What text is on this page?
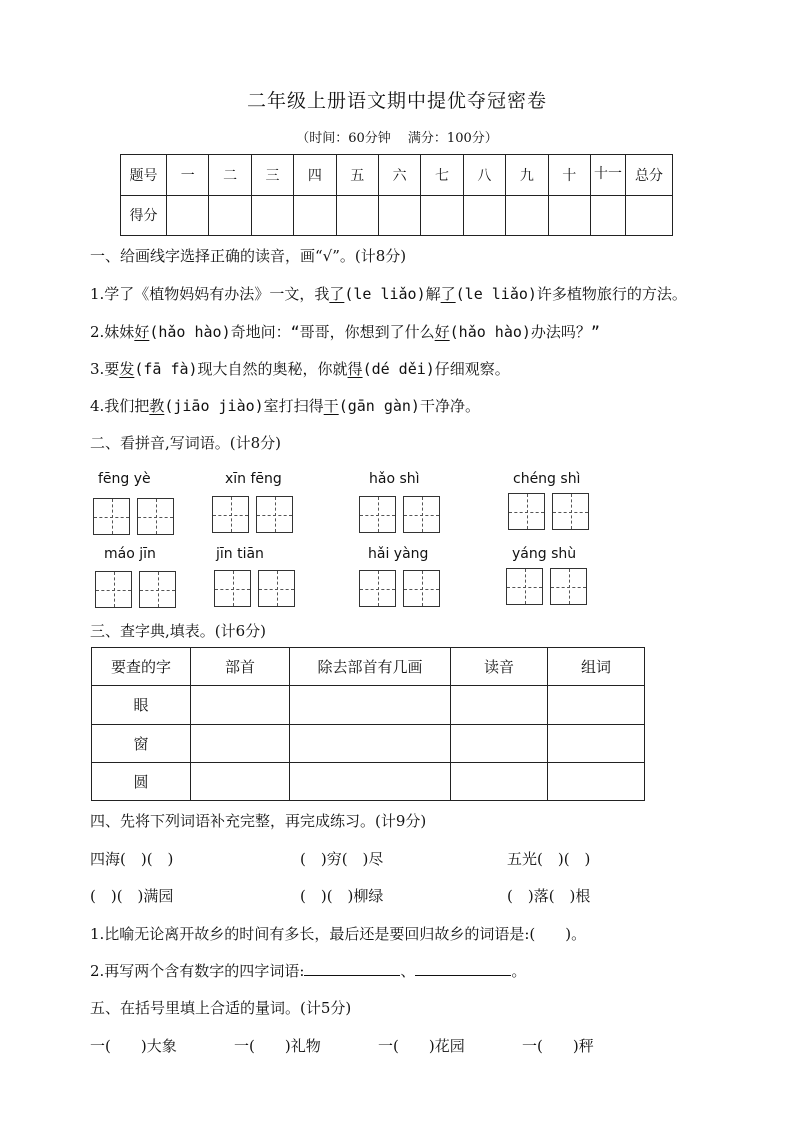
二年级上册语文期中提优夺冠密卷
（时间：60分钟　 满分：100分）
题号	一	二	三	四	五	六	七	八	九	十	十一	总分
得分												
一、给画线字选择正确的读音，画“√”。(计8分)
1.学了《植物妈妈有办法》一文，我了(le liǎo)解了(le liǎo)许多植物旅行的方法。
2.妹妹好(hǎo hào)奇地问：“哥哥，你想到了什么好(hǎo hào)办法吗？”
3.要发(fā fà)现大自然的奥秘，你就得(dé děi)仔细观察。
4.我们把教(jiāo jiào)室打扫得干(gān gàn)干净净。
二、看拼音,写词语。(计8分)
fēng yè	xīn fēng	hǎo shì	chéng shì
máo jīn	jīn tiān	hǎi yàng	yáng shù
三、查字典,填表。(计6分)
要查的字	部首	除去部首有几画	读音	组词
眼				
窗				
圆				
四、先将下列词语补充完整，再完成练习。(计9分)
四海(　)(　)	(　)穷(　)尽	五光(　)(　)
(　)(　)满园	(　)(　)柳绿	(　)落(　)根
1.比喻无论离开故乡的时间有多长，最后还是要回归故乡的词语是:(　　)。
2.再写两个含有数字的四字词语:	、	。
五、在括号里填上合适的量词。(计5分)
一(　　)大象	一(　　)礼物	一(　　)花园	一(　　)秤
